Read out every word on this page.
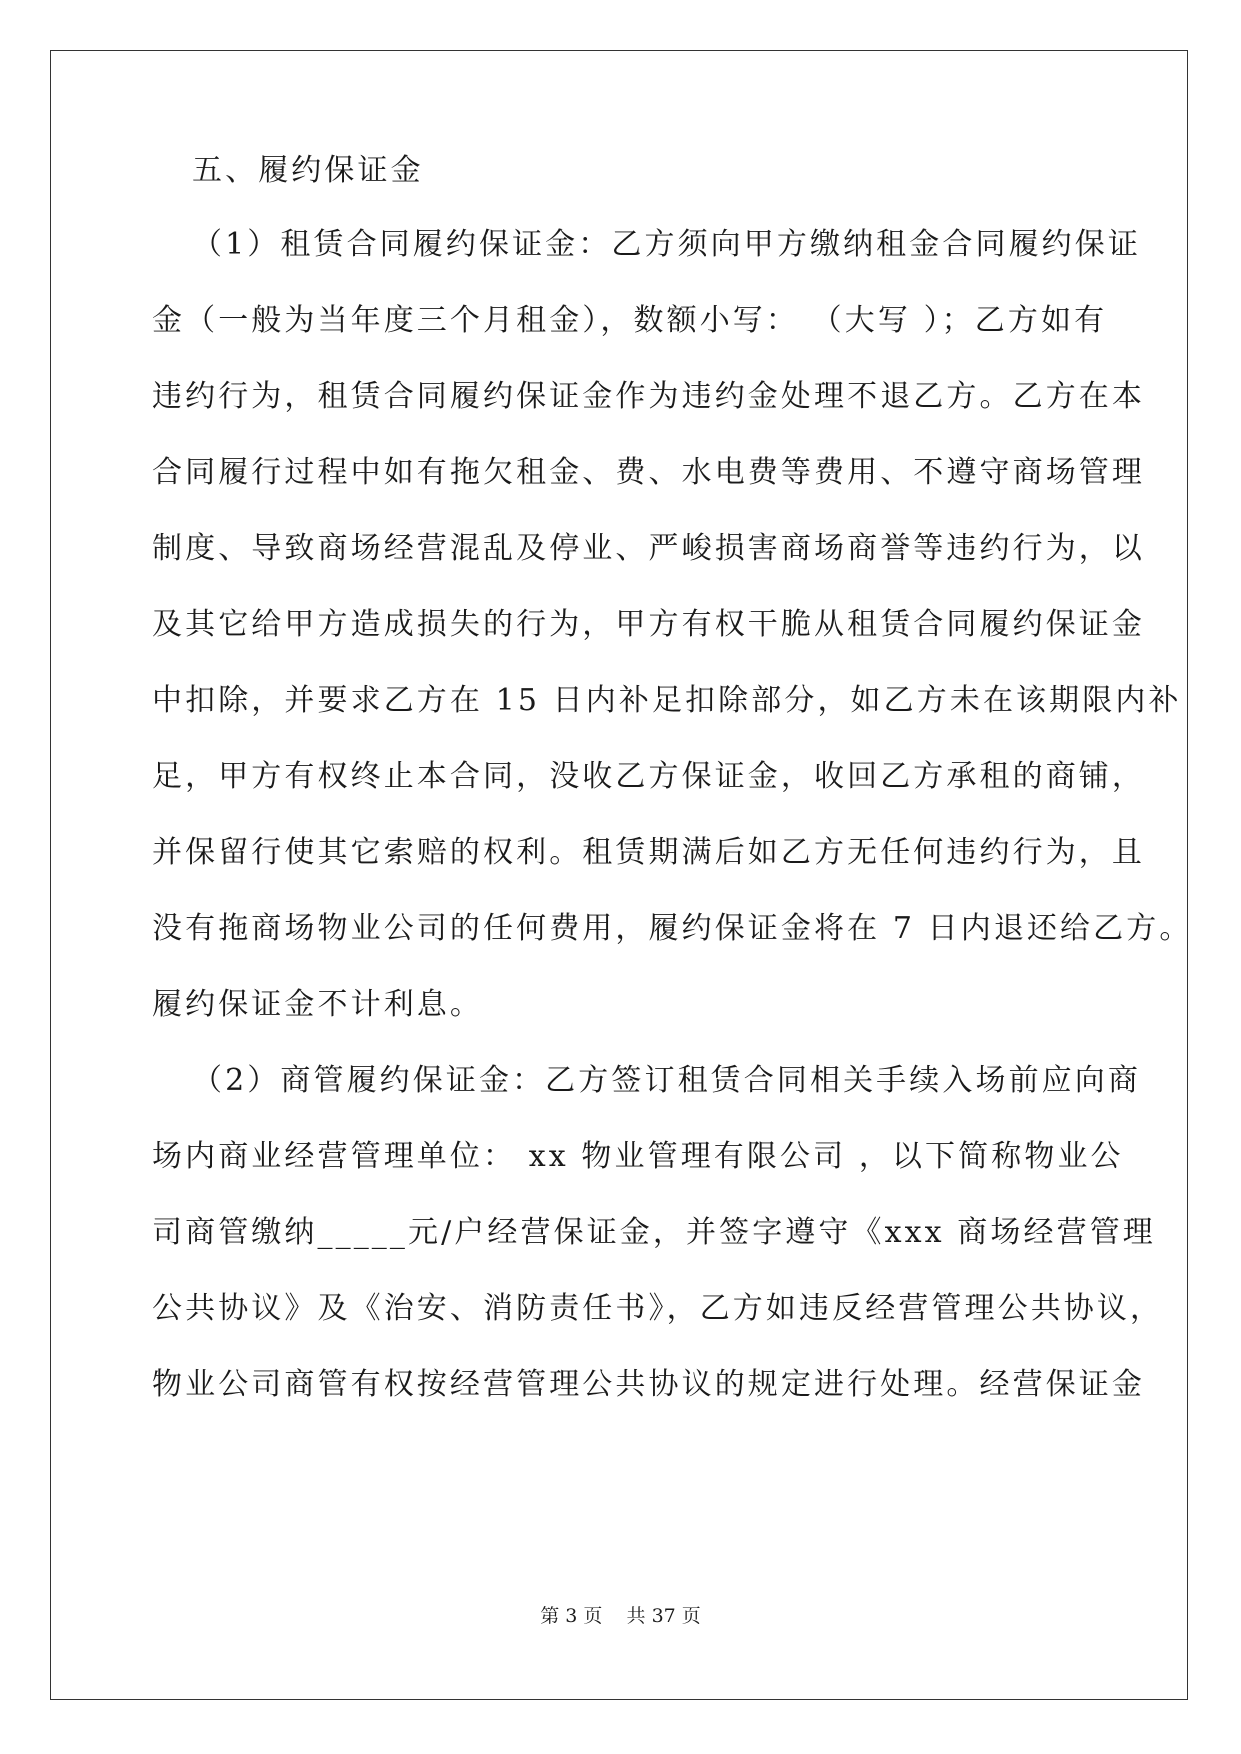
五、履约保证金
（1）租赁合同履约保证金：乙方须向甲方缴纳租金合同履约保证
金（一般为当年度三个月租金），数额小写： （大写 ）；乙方如有
违约行为，租赁合同履约保证金作为违约金处理不退乙方。乙方在本
合同履行过程中如有拖欠租金、费、水电费等费用、不遵守商场管理
制度、导致商场经营混乱及停业、严峻损害商场商誉等违约行为，以
及其它给甲方造成损失的行为，甲方有权干脆从租赁合同履约保证金
中扣除，并要求乙方在 15 日内补足扣除部分，如乙方未在该期限内补
足，甲方有权终止本合同，没收乙方保证金，收回乙方承租的商铺，
并保留行使其它索赔的权利。租赁期满后如乙方无任何违约行为，且
没有拖商场物业公司的任何费用，履约保证金将在 7 日内退还给乙方。
履约保证金不计利息。
（2）商管履约保证金：乙方签订租赁合同相关手续入场前应向商
场内商业经营管理单位： xx 物业管理有限公司 ，以下简称物业公
司商管缴纳_____元/户经营保证金，并签字遵守《xxx 商场经营管理
公共协议》及《治安、消防责任书》，乙方如违反经营管理公共协议，
物业公司商管有权按经营管理公共协议的规定进行处理。经营保证金
第 3 页    共 37 页
